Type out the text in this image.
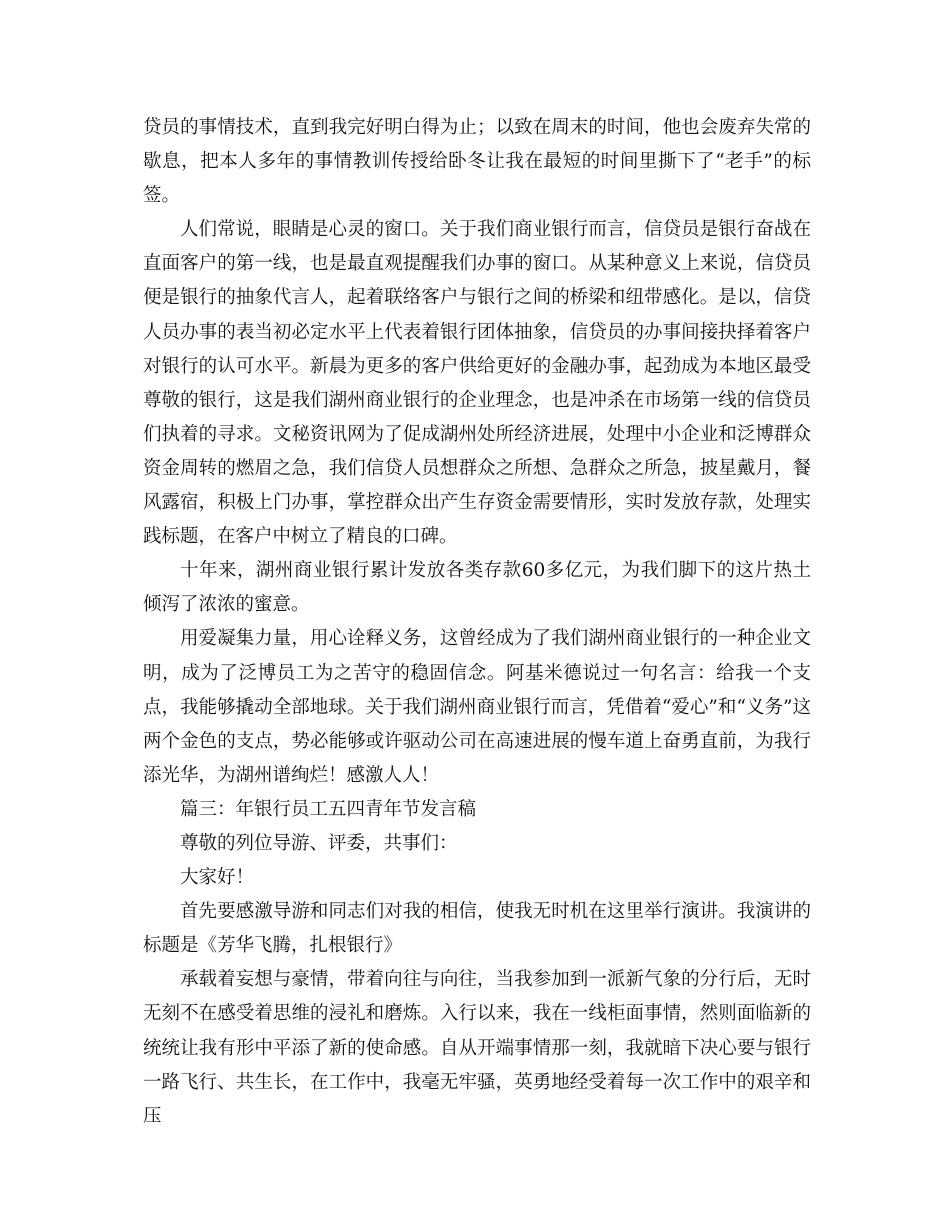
贷员的事情技术，直到我完好明白得为止；以致在周末的时间，他也会废弃失常的歇息，把本人多年的事情教训传授给卧冬让我在最短的时间里撕下了“老手”的标签。

人们常说，眼睛是心灵的窗口。关于我们商业银行而言，信贷员是银行奋战在直面客户的第一线，也是最直观提醒我们办事的窗口。从某种意义上来说，信贷员便是银行的抽象代言人，起着联络客户与银行之间的桥梁和纽带感化。是以，信贷人员办事的表当初必定水平上代表着银行团体抽象，信贷员的办事间接抉择着客户对银行的认可水平。新晨为更多的客户供给更好的金融办事，起劲成为本地区最受尊敬的银行，这是我们湖州商业银行的企业理念，也是冲杀在市场第一线的信贷员们执着的寻求。文秘资讯网为了促成湖州处所经济进展，处理中小企业和泛博群众资金周转的燃眉之急，我们信贷人员想群众之所想、急群众之所急，披星戴月，餐风露宿，积极上门办事，掌控群众出产生存资金需要情形，实时发放存款，处理实践标题，在客户中树立了精良的口碑。

十年来，湖州商业银行累计发放各类存款60多亿元，为我们脚下的这片热土倾泻了浓浓的蜜意。

用爱凝集力量，用心诠释义务，这曾经成为了我们湖州商业银行的一种企业文明，成为了泛博员工为之苦守的稳固信念。阿基米德说过一句名言：给我一个支点，我能够撬动全部地球。关于我们湖州商业银行而言，凭借着“爱心”和“义务”这两个金色的支点，势必能够或许驱动公司在高速进展的慢车道上奋勇直前，为我行添光华，为湖州谱绚烂！感激人人！

篇三：年银行员工五四青年节发言稿

尊敬的列位导游、评委，共事们：

大家好！

首先要感激导游和同志们对我的相信，使我无时机在这里举行演讲。我演讲的标题是《芳华飞腾，扎根银行》

承载着妄想与豪情，带着向往与向往，当我参加到一派新气象的分行后，无时无刻不在感受着思维的浸礼和磨炼。入行以来，我在一线柜面事情，然则面临新的统统让我有形中平添了新的使命感。自从开端事情那一刻，我就暗下决心要与银行一路飞行、共生长，在工作中，我毫无牢骚，英勇地经受着每一次工作中的艰辛和压
